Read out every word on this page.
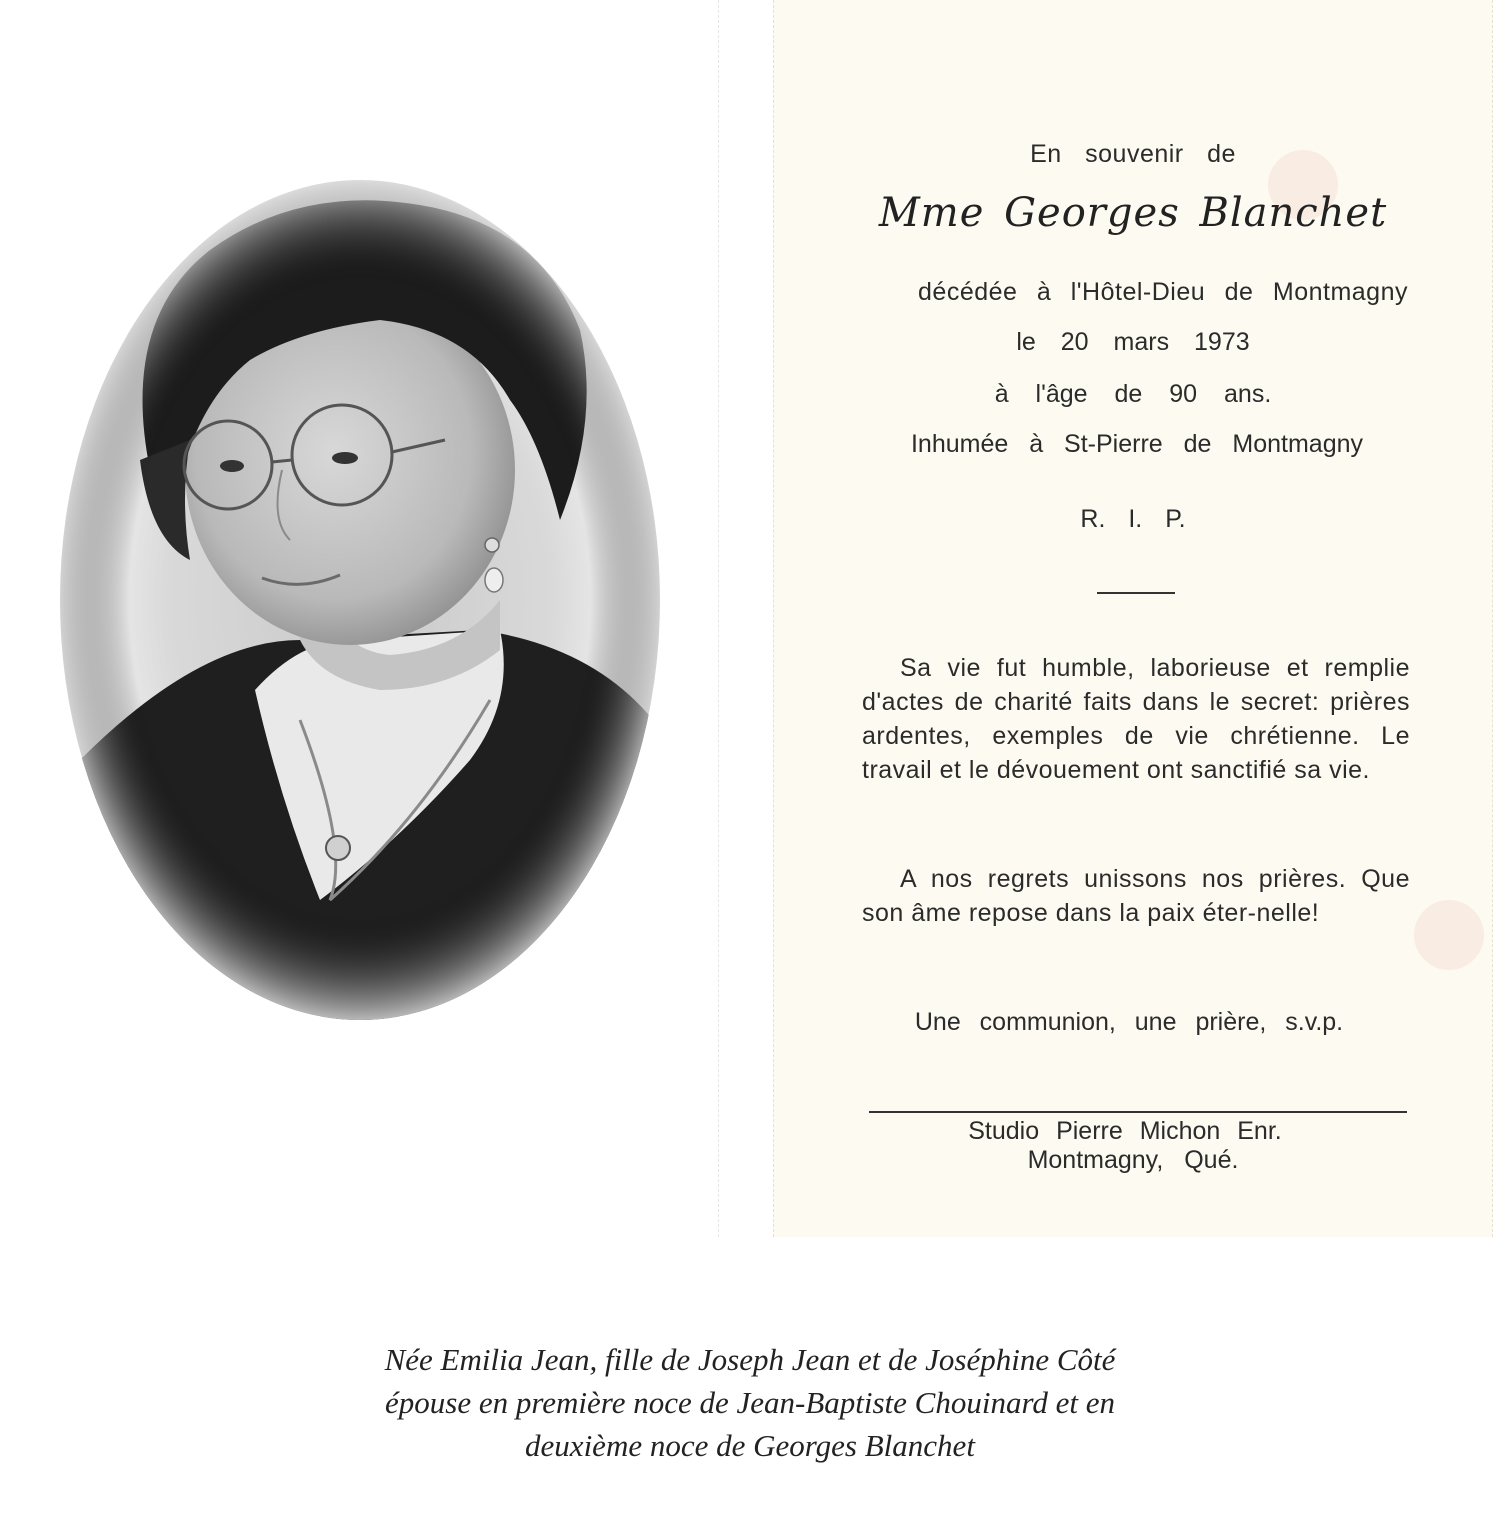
En souvenir de
Mme Georges Blanchet
décédée à l'Hôtel-Dieu de Montmagny
le 20 mars 1973
à l'âge de 90 ans.
Inhumée à St-Pierre de Montmagny
R. I. P.

Sa vie fut humble, laborieuse et remplie d'actes de charité faits dans le secret: prières ardentes, exemples de vie chrétienne. Le travail et le dévouement ont sanctifié sa vie.

A nos regrets unissons nos prières. Que son âme repose dans la paix éter-nelle!

Une communion, une prière, s.v.p.
Studio Pierre Michon Enr.
Montmagny, Qué.
Née Emilia Jean, fille de Joseph Jean et de Joséphine Côté
épouse en première noce de Jean-Baptiste Chouinard et en
deuxième noce de Georges Blanchet
